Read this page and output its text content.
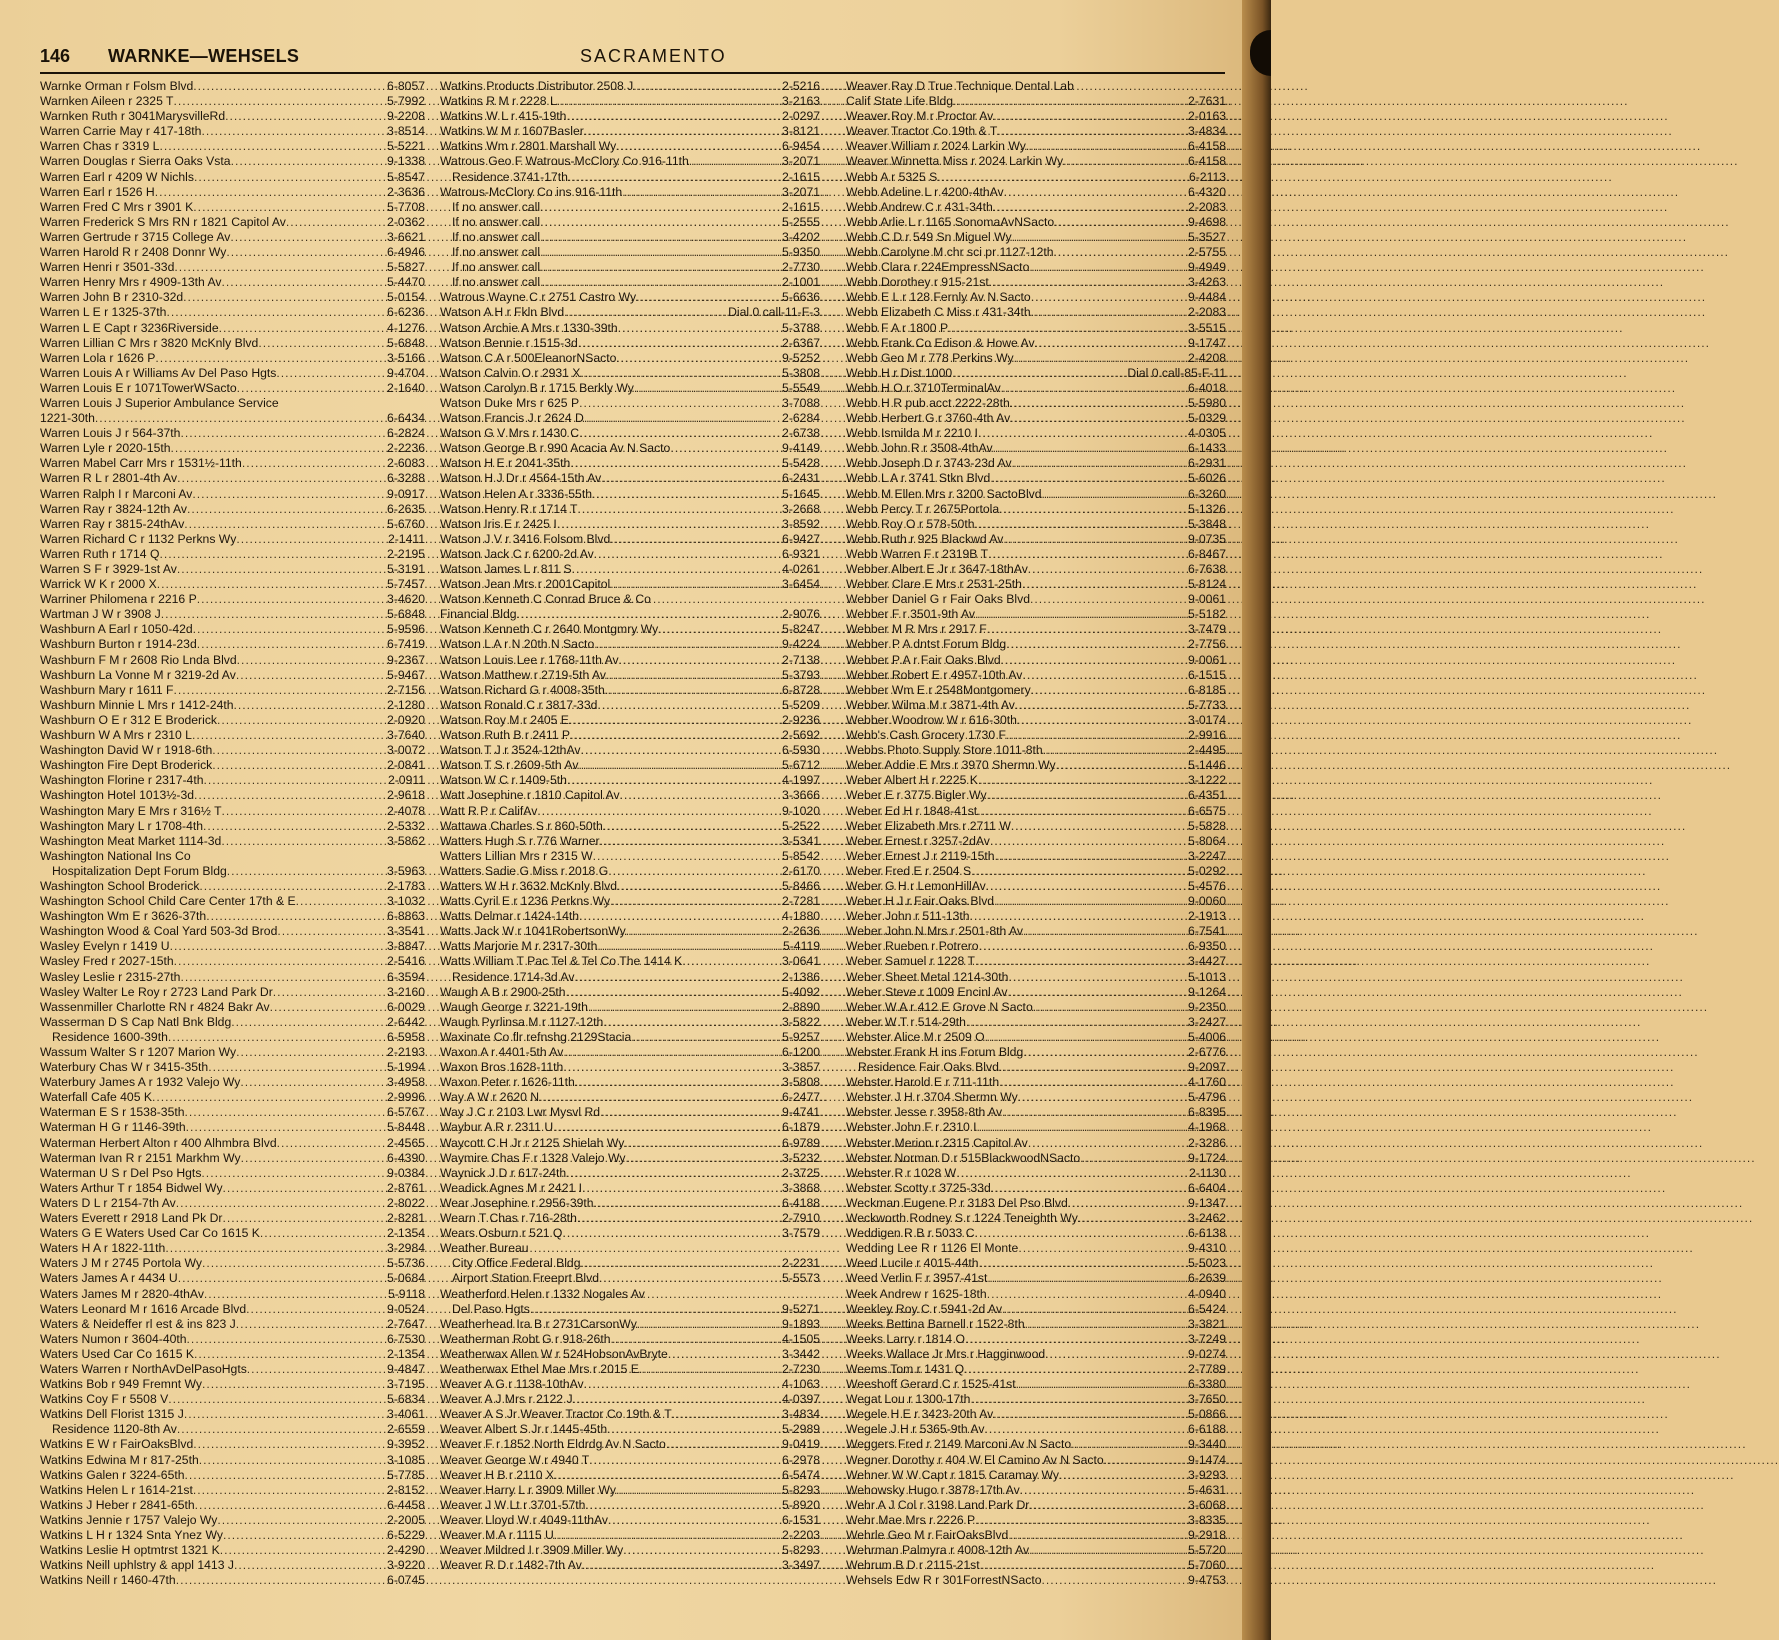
146 WARNKE—WEHSELS	SACRAMENTO
Warnke Orman r Folsm Blvd .....	6-8057
Warnken Aileen r 2325 T .....	5-7992
Warnken Ruth r 3041MarysvilleRd .....	9-2208
Warren Carrie May r 417-18th .....	3-8514
Warren Chas r 3319 L .....	5-5221
Warren Douglas r Sierra Oaks Vsta .....	9-1338
Warren Earl r 4209 W Nichls .....	5-8547
Warren Earl r 1526 H .....	2-3636
Warren Fred C Mrs r 3901 K .....	5-7708
Warren Frederick S Mrs RN r 1821 Capitol Av .....	2-0362
Warren Gertrude r 3715 College Av .....	3-6621
Warren Harold R r 2408 Donnr Wy .....	6-4946
Warren Henri r 3501-33d .....	5-5827
Warren Henry Mrs r 4909-13th Av .....	5-4470
Warren John B r 2310-32d .....	5-0154
Warren L E r 1325-37th .....	6-6236
Warren L E Capt r 3236Riverside .....	4-1276
Warren Lillian C Mrs r 3820 McKnly Blvd .....	5-6848
Warren Lola r 1626 P .....	3-5166
Warren Louis A r Williams Av Del Paso Hgts .....	9-4704
Warren Louis E r 1071TowerWSacto .....	2-1640
Warren Louis J Superior Ambulance Service
1221-30th .....	6-6434
Warren Louis J r 564-37th .....	6-2824
Warren Lyle r 2020-15th .....	2-2236
Warren Mabel Carr Mrs r 1531½-11th .....	2-6083
Warren R L r 2801-4th Av .....	6-3288
Warren Ralph I r Marconi Av .....	9-0917
Warren Ray r 3824-12th Av .....	6-2635
Warren Ray r 3815-24thAv .....	5-6760
Warren Richard C r 1132 Perkns Wy .....	2-1411
Warren Ruth r 1714 Q .....	2-2195
Warren S F r 3929-1st Av .....	5-3191
Warrick W K r 2000 X .....	5-7457
Warriner Philomena r 2216 P .....	3-4620
Wartman J W r 3908 J .....	5-6848
Washburn A Earl r 1050-42d .....	5-9596
Washburn Burton r 1914-23d .....	6-7419
Washburn F M r 2608 Rio Lnda Blvd .....	9-2367
Washburn La Vonne M r 3219-2d Av .....	5-9467
Washburn Mary r 1611 F .....	2-7156
Washburn Minnie L Mrs r 1412-24th .....	2-1280
Washburn O E r 312 E Broderick .....	2-0920
Washburn W A Mrs r 2310 L .....	3-7640
Washington David W r 1918-6th .....	3-0072
Washington Fire Dept Broderick .....	2-0841
Washington Florine r 2317-4th .....	2-0911
Washington Hotel 1013½-3d .....	2-9618
Washington Mary E Mrs r 316½ T .....	2-4078
Washington Mary L r 1708-4th .....	2-5332
Washington Meat Market 1114-3d .....	3-5862
Washington National Ins Co
Hospitalization Dept Forum Bldg .....	3-5963
Washington School Broderick .....	2-1783
Washington School Child Care Center 17th & E .....	3-1032
Washington Wm E r 3626-37th .....	6-8863
Washington Wood & Coal Yard 503-3d Brod .....	3-3541
Wasley Evelyn r 1419 U .....	3-8847
Wasley Fred r 2027-15th .....	2-5416
Wasley Leslie r 2315-27th .....	6-3594
Wasley Walter Le Roy r 2723 Land Park Dr .....	3-2160
Wassenmiller Charlotte RN r 4824 Bakr Av .....	6-0029
Wasserman D S Cap Natl Bnk Bldg .....	2-6442
Residence 1600-39th .....	6-5958
Wassum Walter S r 1207 Marion Wy .....	2-2193
Waterbury Chas W r 3415-35th .....	5-1994
Waterbury James A r 1932 Valejo Wy .....	3-4958
Waterfall Cafe 405 K .....	2-9996
Waterman E S r 1538-35th .....	6-5767
Waterman H G r 1146-39th .....	5-8448
Waterman Herbert Alton r 400 Alhmbra Blvd .....	2-4565
Waterman Ivan R r 2151 Markhm Wy .....	6-4390
Waterman U S r Del Pso Hgts .....	9-0384
Waters Arthur T r 1854 Bidwel Wy .....	2-8761
Waters D L r 2154-7th Av .....	2-8022
Waters Everett r 2918 Land Pk Dr .....	2-8281
Waters G E Waters Used Car Co 1615 K .....	2-1354
Waters H A r 1822-11th .....	3-2984
Waters J M r 2745 Portola Wy .....	5-5736
Waters James A r 4434 U .....	5-0684
Waters James M r 2820-4thAv .....	5-9118
Waters Leonard M r 1616 Arcade Blvd .....	9-0524
Waters & Neideffer rl est & ins 823 J .....	2-7647
Waters Numon r 3604-40th .....	6-7530
Waters Used Car Co 1615 K .....	2-1354
Waters Warren r NorthAvDelPasoHgts .....	9-4847
Watkins Bob r 949 Fremnt Wy .....	3-7195
Watkins Coy F r 5508 V .....	5-6834
Watkins Dell Florist 1315 J .....	3-4061
Residence 1120-8th Av .....	2-6559
Watkins E W r FairOaksBlvd .....	9-3952
Watkins Edwina M r 817-25th .....	3-1085
Watkins Galen r 3224-65th .....	5-7785
Watkins Helen L r 1614-21st .....	2-8152
Watkins J Heber r 2841-65th .....	6-4458
Watkins Jennie r 1757 Valejo Wy .....	2-2005
Watkins L H r 1324 Snta Ynez Wy .....	6-5229
Watkins Leslie H optmtrst 1321 K .....	2-4290
Watkins Neill uphlstry & appl 1413 J .....	3-9220
Watkins Neill r 1460-47th .....	6-0745
Watkins Products Distributor 2508 J .....	2-5216
Watkins R M r 2228 L .....	3-2163
Watkins W L r 415-19th .....	2-0297
Watkins W M r 1607Basler .....	3-8121
Watkins Wm r 2801 Marshall Wy .....	6-9454
Watrous Geo F Watrous-McClory Co 916-11th .....	3-2071
Residence 3741-17th .....	2-1615
Watrous-McClory Co ins 916-11th .....	3-2071
If no answer call .....	2-1615
If no answer call .....	5-2555
If no answer call .....	3-4202
If no answer call .....	5-9350
If no answer call .....	2-7730
If no answer call .....	2-1001
Watrous Wayne C r 2751 Castro Wy .....	5-6636
Watson A H r Fkln Blvd .....	Dial 0 call-11-F-3
Watson Archie A Mrs r 1330-39th .....	5-3788
Watson Bennie r 1515-3d .....	2-6367
Watson C A r 500EleanorNSacto .....	9-5252
Watson Calvin O r 2931 X .....	5-3808
Watson Carolyn B r 1715 Berkly Wy .....	5-5549
Watson Duke Mrs r 625 P .....	3-7088
Watson Francis J r 2624 D .....	2-6284
Watson G V Mrs r 1430 C .....	2-6738
Watson George B r 990 Acacia Av N Sacto .....	9-4149
Watson H E r 2041-35th .....	5-5428
Watson H J Dr r 4564-15th Av .....	6-2431
Watson Helen A r 3336-55th .....	5-1645
Watson Henry R r 1714 T .....	3-2668
Watson Iris E r 2425 I .....	3-8592
Watson J V r 3416 Folsom Blvd .....	6-9427
Watson Jack C r 6200-2d Av .....	6-9321
Watson James L r 811 S .....	4-0261
Watson Jean Mrs r 2001Capitol .....	3-6454
Watson Kenneth C Conrad Bruce & Co
Financial Bldg .....	2-9076
Watson Kenneth C r 2640 Montgmry Wy .....	5-8247
Watson L A r N 20th N Sacto .....	9-4224
Watson Louis Lee r 1768-11th Av .....	2-7138
Watson Matthew r 2719-5th Av .....	5-3793
Watson Richard G r 4008-35th .....	6-8728
Watson Ronald C r 3817-33d .....	5-5209
Watson Roy M r 2405 E .....	2-9236
Watson Ruth B r 2411 P .....	2-5692
Watson T J r 3524-12thAv .....	6-5930
Watson T S r 2609-5th Av .....	5-6712
Watson W C r 1409-5th .....	4-1997
Watt Josephine r 1810 Capitol Av .....	3-3666
Watt R P r CalifAv .....	9-1020
Wattawa Charles S r 860-50th .....	5-2522
Watters Hugh S r 776 Warner .....	3-5341
Watters Lillian Mrs r 2315 W .....	5-8542
Watters Sadie G Miss r 2018 G .....	2-6170
Watters W H r 3632 McKnly Blvd .....	5-8466
Watts Cyril E r 1236 Perkns Wy .....	2-7281
Watts Delmar r 1424-14th .....	4-1880
Watts Jack W r 1041RobertsonWy .....	2-2636
Watts Marjorie M r 2317-30th .....	5-4119
Watts William T Pac Tel & Tel Co The 1414 K .....	3-0641
Residence 1714-3d Av .....	2-1386
Waugh A B r 2900-25th .....	5-4092
Waugh George r 3221-19th .....	2-8890
Waugh Pyrlinsa M r 1127-12th .....	3-5822
Waxinate Co flr refnshg 2129Stacia .....	5-9257
Waxon A r 4401-5th Av .....	6-1200
Waxon Bros 1628-11th .....	3-3857
Waxon Peter r 1626-11th .....	3-5808
Way A W r 2620 N .....	6-2477
Way J C r 2103 Lwr Mysvl Rd .....	9-4741
Waybur A R r 2311 U .....	6-1879
Waycott C H Jr r 2125 Shielah Wy .....	6-9789
Waymire Chas F r 1328 Valejo Wy .....	3-5232
Waynick J D r 617-24th .....	2-3725
Weadick Agnes M r 2421 I .....	3-3868
Wear Josephine r 2956-39th .....	6-4188
Wearn T Chas r 716-28th .....	2-7910
Wears Osburn r 521 Q .....	3-7579
Weather Bureau
City Office Federal Bldg .....	2-2231
Airport Station Freeprt Blvd .....	5-5573
Weatherford Helen r 1332 Nogales Av
Del Paso Hgts .....	9-5271
Weatherhead Ira B r 2731CarsonWy .....	9-1893
Weatherman Robt G r 918-26th .....	4-1505
Weatherwax Allen W r 524HobsonAvBryte .....	3-3442
Weatherwax Ethel Mae Mrs r 2015 E .....	2-7230
Weaver A G r 1138-10thAv .....	4-1063
Weaver A J Mrs r 2122 J .....	4-0397
Weaver A S Jr Weaver Tractor Co 19th & T .....	3-4834
Weaver Albert S Jr r 1445-45th .....	5-2989
Weaver F r 1852 North Eldrdg Av N Sacto .....	9-0419
Weaver George W r 4940 T .....	6-2978
Weaver H B r 2110 X .....	6-5474
Weaver Harry L r 3909 Miller Wy .....	5-8293
Weaver J W Lt r 3701-57th .....	5-8920
Weaver Lloyd W r 4049-11thAv .....	6-1531
Weaver M A r 1115 U .....	2-2203
Weaver Mildred I r 3909 Miller Wy .....	5-8293
Weaver R D r 1482-7th Av .....	3-3497
Weaver Ray D True Technique Dental Lab
Calif State Life Bldg .....	2-7631
Weaver Roy M r Proctor Av .....	2-0163
Weaver Tractor Co 19th & T .....	3-4834
Weaver William r 2024 Larkin Wy .....	6-4158
Weaver Winnetta Miss r 2024 Larkin Wy .....	6-4158
Webb A r 5325 S .....	6-2113
Webb Adeline L r 4200-4thAv .....	6-4320
Webb Andrew C r 431-34th .....	2-2083
Webb Arlie L r 1165 SonomaAvNSacto .....	9-4698
Webb C D r 549 Sn Miguel Wy .....	5-3527
Webb Carolyne M chr sci pr 1127-12th .....	2-5755
Webb Clara r 224EmpressNSacto .....	9-4949
Webb Dorothey r 915-21st .....	3-4263
Webb E L r 128 Fernly Av N Sacto .....	9-4484
Webb Elizabeth C Miss r 431-34th .....	2-2083
Webb F A r 1800 P .....	3-5515
Webb Frank Co Edison & Howe Av .....	9-1747
Webb Geo M r 778 Perkins Wy .....	2-4208
Webb H r Dist 1000 .....	Dial 0 call-85-F-11
Webb H O r 3710TerminalAv .....	6-4018
Webb H R pub acct 2222-28th .....	5-5980
Webb Herbert G r 3760-4th Av .....	5-0329
Webb Ismilda M r 2210 I .....	4-0305
Webb John R r 3508-4thAv .....	6-1433
Webb Joseph D r 3743-23d Av .....	6-2931
Webb L A r 3741 Stkn Blvd .....	5-6026
Webb M Ellen Mrs r 3200 SactoBlvd .....	6-3260
Webb Percy T r 2675Portola .....	5-1326
Webb Roy O r 578-50th .....	5-3848
Webb Ruth r 925 Blackwd Av .....	9-0735
Webb Warren F r 2319B T .....	6-8467
Webber Albert E Jr r 3647-18thAv .....	6-7638
Webber Clare E Mrs r 2531-25th .....	5-8124
Webber Daniel G r Fair Oaks Blvd .....	9-0061
Webber F r 3501-9th Av .....	5-5182
Webber M R Mrs r 2917 F .....	3-7479
Webber P A dntst Forum Bldg .....	2-7756
Webber P A r Fair Oaks Blvd .....	9-0061
Webber Robert E r 4957-10th Av .....	6-1515
Webber Wm E r 2548Montgomery .....	6-8185
Webber Wilma M r 3871-4th Av .....	5-7733
Webber Woodrow W r 616-30th .....	3-0174
Webb's Cash Grocery 1730 F .....	2-9916
Webbs Photo Supply Store 1011-8th .....	2-4495
Weber Addie E Mrs r 3970 Shermn Wy .....	5-1446
Weber Albert H r 2225 K .....	3-1222
Weber E r 3775 Bigler Wy .....	6-4351
Weber Ed H r 1848-41st .....	6-6575
Weber Elizabeth Mrs r 2711 W .....	5-5828
Weber Ernest r 3257-2dAv .....	5-8064
Weber Ernest J r 2119-15th .....	3-2247
Weber Fred E r 2504 S .....	5-0292
Weber G H r LemonHillAv .....	5-4576
Weber H J r Fair Oaks Blvd .....	9-0060
Weber John r 511-13th .....	2-1913
Weber John N Mrs r 2501-8th Av .....	6-7541
Weber Rueben r Potrero .....	6-9350
Weber Samuel r 1228 T .....	3-4427
Weber Sheet Metal 1214-30th .....	5-1013
Weber Steve r 1009 Encinl Av .....	9-1264
Weber W A r 412 E Grove N Sacto .....	9-2350
Weber W T r 514-29th .....	3-2427
Webster Alice M r 2509 O .....	5-4006
Webster Frank H ins Forum Bldg .....	2-6776
Residence Fair Oaks Blvd .....	9-2097
Webster Harold E r 711-11th .....	4-1760
Webster J H r 3704 Shermn Wy .....	5-4796
Webster Jesse r 3958-8th Av .....	6-8395
Webster John F r 2310 I .....	4-1968
Webster Merion r 2315 Capitol Av .....	2-3286
Webster Norman D r 515BlackwoodNSacto .....	9-1724
Webster R r 1028 W .....	2-1130
Webster Scotty r 3725-33d .....	6-6404
Weckman Eugene P r 3183 Del Pso Blvd .....	9-1347
Weckworth Rodney S r 1224 Teneighth Wy .....	3-2462
Weddigen R B r 5033 C .....	6-6138
Wedding Lee R r 1126 El Monte .....	9-4310
Weed Lucile r 4015-44th .....	5-5023
Weed Verlin F r 3957-41st .....	6-2639
Week Andrew r 1625-18th .....	4-0940
Weekley Roy C r 5941-2d Av .....	6-5424
Weeks Bettina Barnell r 1522-8th .....	3-3821
Weeks Larry r 1814 O .....	3-7249
Weeks Wallace Jr Mrs r Hagginwood .....	9-0274
Weems Tom r 1431 Q .....	2-7789
Weeshoff Gerard C r 1525-41st .....	6-3380
Wegat Lou r 1300-17th .....	3-7650
Wegele H E r 3423-20th Av .....	5-0866
Wegele J H r 5365-9th Av .....	6-6188
Weggers Fred r 2149 Marconi Av N Sacto .....	9-3440
Wegner Dorothy r 404 W El Camino Av N Sacto .....	9-1474
Wehner W W Capt r 1815 Caramay Wy .....	3-9293
Wehowsky Hugo r 3878-17th Av .....	5-4631
Wehr A J Col r 3198 Land Park Dr .....	3-6068
Wehr Mae Mrs r 2226 P .....	3-8335
Wehrle Geo M r FairOaksBlvd .....	9-2918
Wehrman Palmyra r 4008-12th Av .....	5-5720
Wehrum B D r 2115-21st .....	5-7060
Wehsels Edw R r 301ForrestNSacto .....	9-4753
